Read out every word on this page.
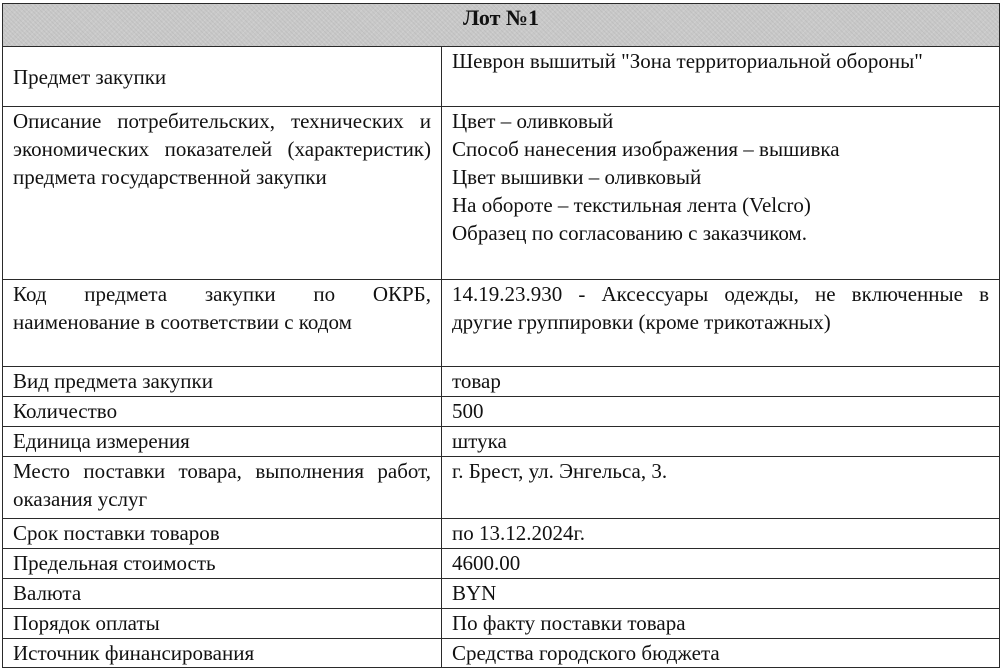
Лот №1	
Предмет закупки	Шеврон вышитый "Зона территориальной обороны"
Описание потребительских, технических и экономических показателей (характеристик) предмета государственной закупки	Цвет – оливковый
Способ нанесения изображения – вышивка
Цвет вышивки – оливковый
На обороте – текстильная лента (Velcro)
Образец по согласованию с заказчиком.

Код предмета закупки по ОКРБ, наименование в соответствии с кодом	14.19.23.930 - Аксессуары одежды, не включенные в другие группировки (кроме трикотажных)
Вид предмета закупки	товар
Количество	500
Единица измерения	штука
Место поставки товара, выполнения работ, оказания услуг	г. Брест, ул. Энгельса, 3.
Срок поставки товаров	по 13.12.2024г.
Предельная стоимость	4600.00
Валюта	BYN
Порядок оплаты	По факту поставки товара
Источник финансирования	Средства городского бюджета
